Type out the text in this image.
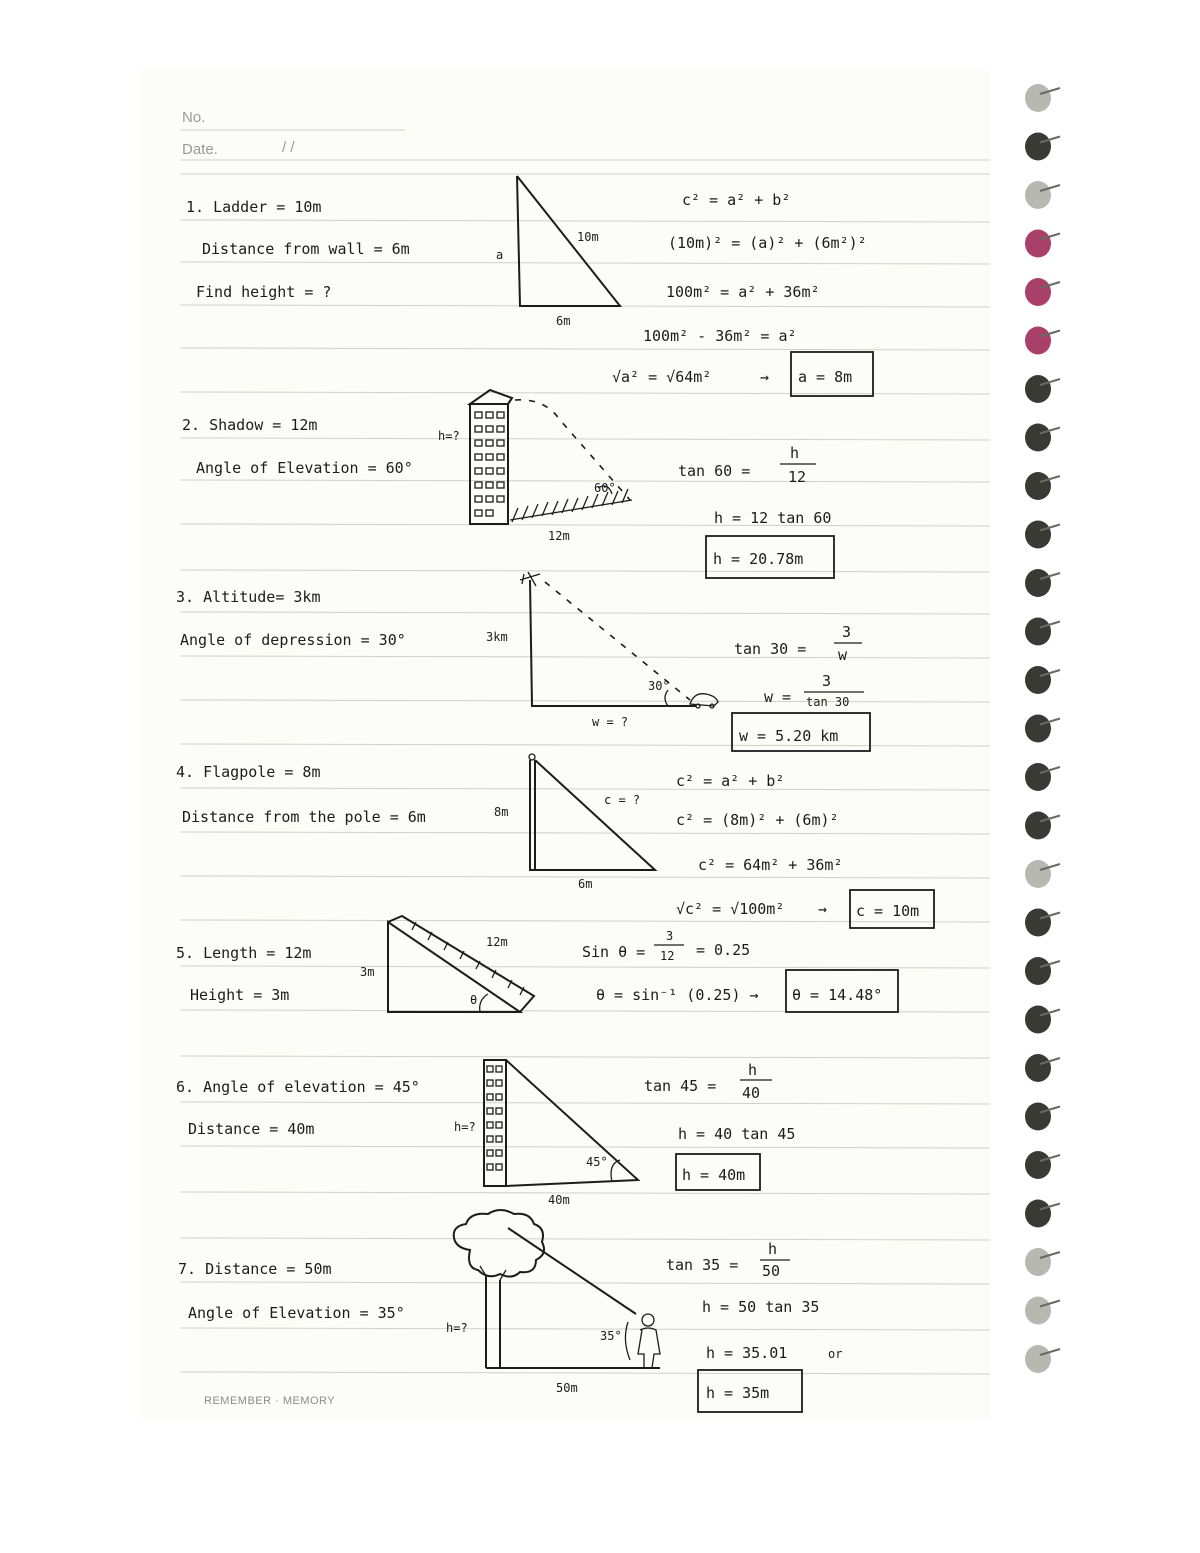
No.
Date.	/ /
1. Ladder = 10m
Distance from wall = 6m
Find height = ?
10m
a
6m
c² = a² + b²
(10m)² = (a)² + (6m²)²
100m² = a² + 36m²
100m² - 36m² = a²
√a² = √64m²	→ a = 8m
2. Shadow = 12m
Angle of Elevation = 60°
60°
h=?
12m
tan 60 =
h
12
h = 12 tan 60
h = 20.78m
3. Altitude= 3km
Angle of depression = 30°
30°
3km
w = ?
tan 30 =
3
w
w =
3
tan 30
w = 5.20 km
4. Flagpole = 8m
Distance from the pole = 6m	8m
c = ?
6m
c² = a² + b²
c² = (8m)² + (6m)²
c² = 64m² + 36m²
√c² = √100m² → c = 10m
5. Length = 12m
Height = 3m	θ
12m
3m
Sin θ =
3
12 = 0.25
θ = sin⁻¹ (0.25) → θ = 14.48°
6. Angle of elevation = 45°
Distance = 40m
45°
h=?
40m
tan 45 =
h
40
h = 40 tan 45
h = 40m
7. Distance = 50m
Angle of Elevation = 35°
35°
h=?
50m
tan 35 =
h
50
h = 50 tan 35
h = 35.01	or
h = 35m
REMEMBER · MEMORY
